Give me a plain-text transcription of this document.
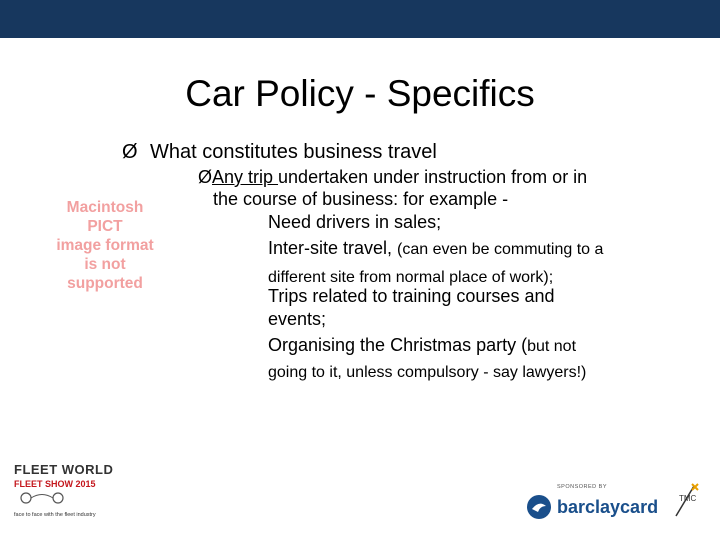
Car Policy - Specifics
Ø What constitutes business travel
ØAny trip undertaken under instruction from or in
the course of business: for example -
Need drivers in sales;
Inter-site travel, (can even be commuting to a
different site from normal place of work);
Trips related to training courses and
events;
Organising the Christmas party (but not
going to it, unless compulsory - say lawyers!)
Macintosh PICT
image format
is not supported
FLEET WORLD
FLEET SHOW 2015
face to face with the fleet industry
SPONSORED BY
barclaycard	TMC
